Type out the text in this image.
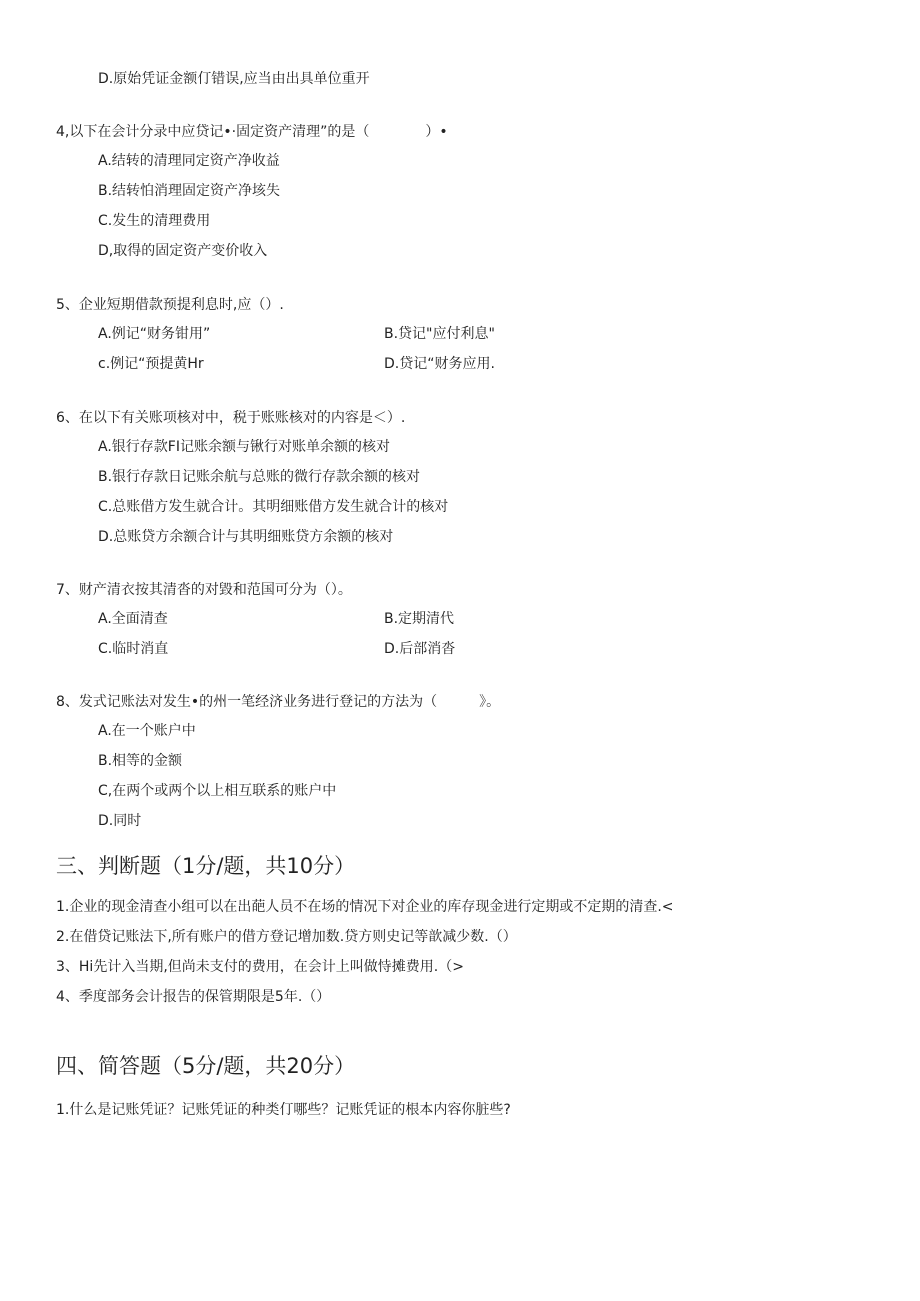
D.原始凭证金额仃错误,应当由出具单位重开
4,以下在会计分录中应贷记•·固定资产清理”的是（　　　　）•
A.结转的清理同定资产净收益
B.结转怕消理固定资产净垓失
C.发生的清理费用
D,取得的固定资产变价收入
5、企业短期借款预提利息时,应（）.
A.例记“财务钳用”	B.贷记"应付利息"
c.例记“预提黄Hr	D.贷记“财务应用.
6、在以下有关账项核对中，税于账账核对的内容是＜）.
A.银行存款FI记账余额与锹行对账单余额的核对
B.银行存款日记账余航与总账的微行存款余额的核对
C.总账借方发生就合计。其明细账借方发生就合计的核对
D.总账贷方余额合计与其明细账贷方余额的核对
7、财产清衣按其清沓的对毀和范国可分为（）。
A.全面清查	B.定期清代
C.临时消直	D.后部消沓
8、发式记账法对发生•的州一笔经济业务进行登记的方法为（　　　》。
A.在一个账户中
B.相等的金额
C,在两个或两个以上相互联系的账户中
D.同时
三、判断题（1分/题，共10分）
1.企业的现金清查小组可以在出葩人员不在场的情况下对企业的库存现金进行定期或不定期的清查.<
2.在借贷记账法下,所有账户的借方登记增加数.贷方则史记等歆减少数.（）
3、Hi先计入当期,但尚未支付的费用，在会计上叫做恃摊费用.（>
4、季度部务会计报告的保管期限是5年.（）
四、简答题（5分/题，共20分）
1.什么是记账凭证？记账凭证的种类仃哪些？记账凭证的根本内容你脏些?
